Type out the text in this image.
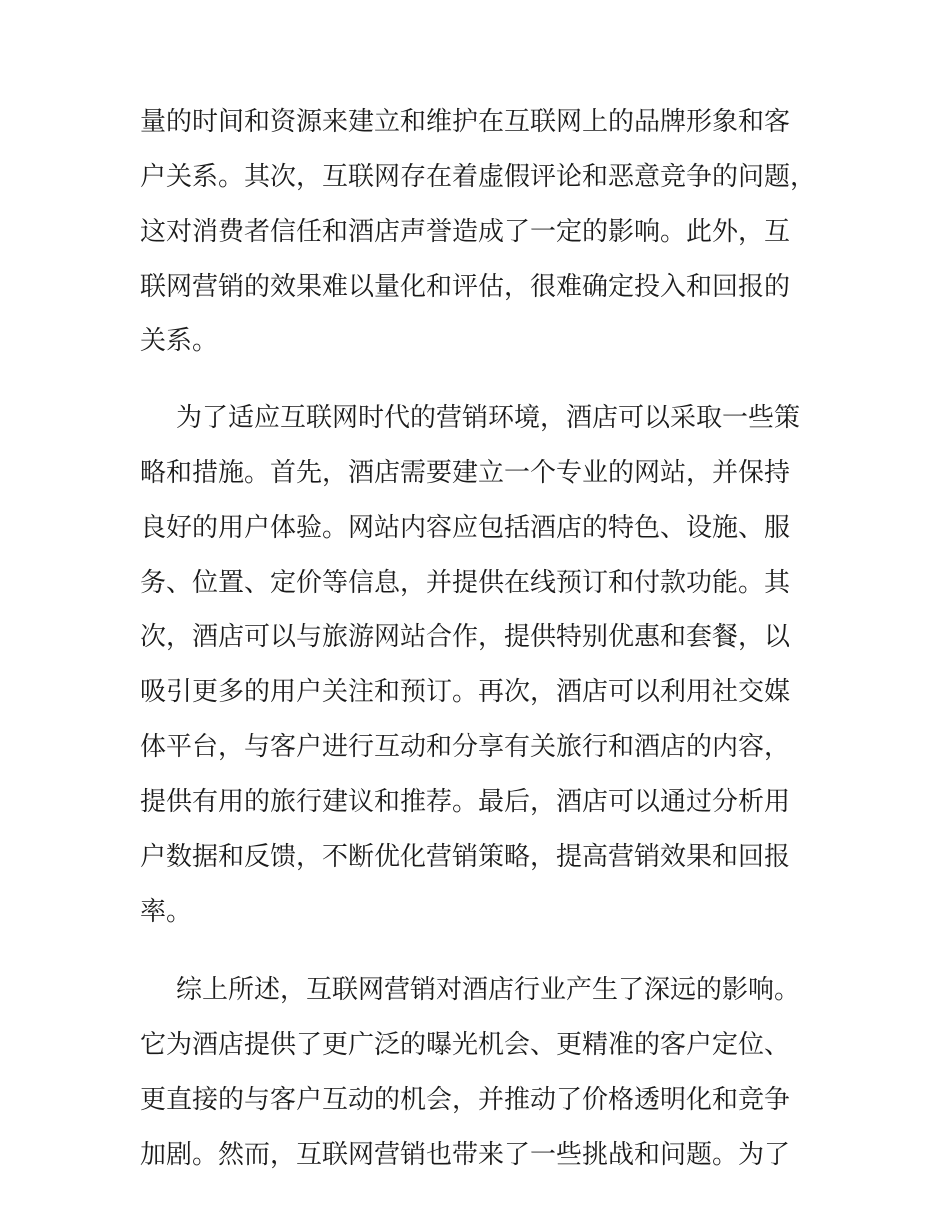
量的时间和资源来建立和维护在互联网上的品牌形象和客

户关系。其次，互联网存在着虚假评论和恶意竞争的问题，

这对消费者信任和酒店声誉造成了一定的影响。此外，互

联网营销的效果难以量化和评估，很难确定投入和回报的

关系。

为了适应互联网时代的营销环境，酒店可以采取一些策

略和措施。首先，酒店需要建立一个专业的网站，并保持

良好的用户体验。网站内容应包括酒店的特色、设施、服

务、位置、定价等信息，并提供在线预订和付款功能。其

次，酒店可以与旅游网站合作，提供特别优惠和套餐，以

吸引更多的用户关注和预订。再次，酒店可以利用社交媒

体平台，与客户进行互动和分享有关旅行和酒店的内容，

提供有用的旅行建议和推荐。最后，酒店可以通过分析用

户数据和反馈，不断优化营销策略，提高营销效果和回报

率。

综上所述，互联网营销对酒店行业产生了深远的影响。

它为酒店提供了更广泛的曝光机会、更精准的客户定位、

更直接的与客户互动的机会，并推动了价格透明化和竞争

加剧。然而，互联网营销也带来了一些挑战和问题。为了
